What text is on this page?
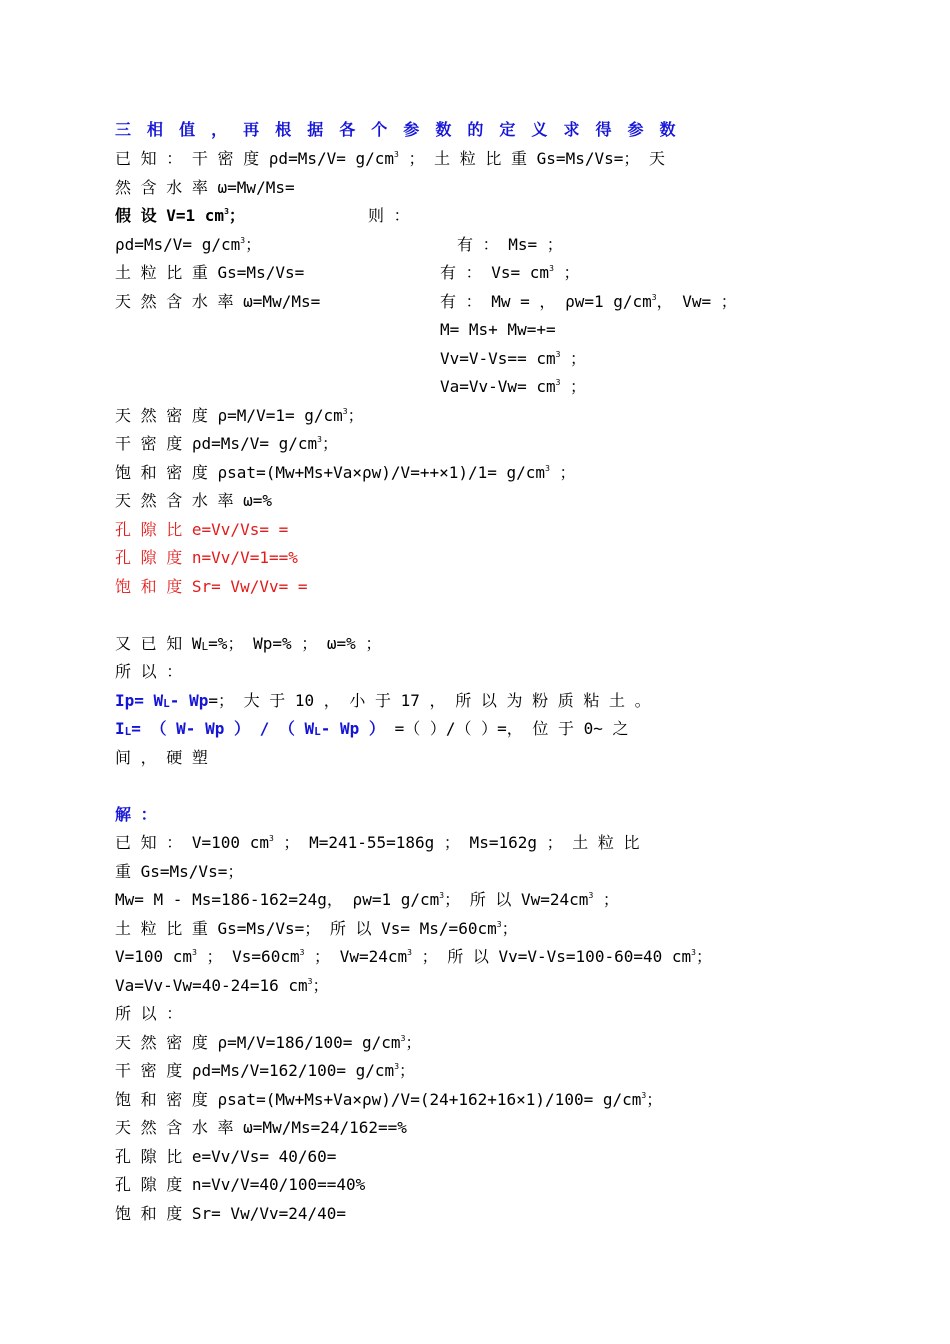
三 相 值 ， 再 根 据 各 个 参 数 的 定 义 求 得 参 数
已 知 ： 干 密 度 $\rho d=Ms/V= g/cm^3$ ； 土 粒 比 重 Gs=Ms/Vs=； 天
然 含 水 率 ω=Mw/Ms=
假 设 V=1 $cm^3$；	则 ：
$\rho d=Ms/V= g/cm^3$；	有 ： Ms= ；
土 粒 比 重 Gs=Ms/Vs=	有 ： $Vs= cm^3$ ；
天 然 含 水 率 ω=Mw/Ms=	有 ： Mw = ， ρw=1 $g/cm^3$， Vw= ；
M= Ms+ Mw=+=
$Vv=V-Vs== cm^3$ ；
$Va=Vv-Vw= cm^3$ ；
天 然 密 度 $\rho=M/V=1= g/cm^3$；
干 密 度 $\rho d=Ms/V= g/cm^3$；
饱 和 密 度 $\rho sat=(Mw+Ms+Va\times\rho w)/V=++\times 1)/1= g/cm^3$ ；
天 然 含 水 率 ω=%
孔 隙 比 e=Vv/Vs= =
孔 隙 度 n=Vv/V=1==%
饱 和 度 Sr= Vw/Vv= =
又 已 知 $W_L=\%$； Wp=% ； ω=% ；
所 以 ：
$Ip= W_L-$ Wp=； 大 于 10 ， 小 于 17 ， 所 以 为 粉 质 粘 土 。
$I_L=$ （ W- Wp ） / （ $W_L-$ Wp ） =（ ）/（ ）=， 位 于 0~ 之
间 ， 硬 塑
解 ：
已 知 ： V=100 $cm^3$ ； M=241-55=186g ； Ms=162g ； 土 粒 比
重 Gs=Ms/Vs=；
Mw= M - Ms=186-162=24g， ρw=1 $g/cm^3$； 所 以 $Vw=24cm^3$ ；
土 粒 比 重 Gs=Ms/Vs=； 所 以 $Vs= Ms/=60cm^3$；
V=100 $cm^3$ ； $Vs=60cm^3$ ； $Vw=24cm^3$ ； 所 以 Vv=V-Vs=100-60=40 $cm^3$；
Va=Vv-Vw=40-24=16 $cm^3$；
所 以 ：
天 然 密 度 $\rho=M/V=186/100= g/cm^3$；
干 密 度 $\rho d=Ms/V=162/100= g/cm^3$；
饱 和 密 度 $\rho sat=(Mw+Ms+Va\times\rho w)/V=(24+162+16\times 1)/100= g/cm^3$；
天 然 含 水 率 ω=Mw/Ms=24/162==%
孔 隙 比 e=Vv/Vs= 40/60=
孔 隙 度 n=Vv/V=40/100==40%
饱 和 度 Sr= Vw/Vv=24/40=
